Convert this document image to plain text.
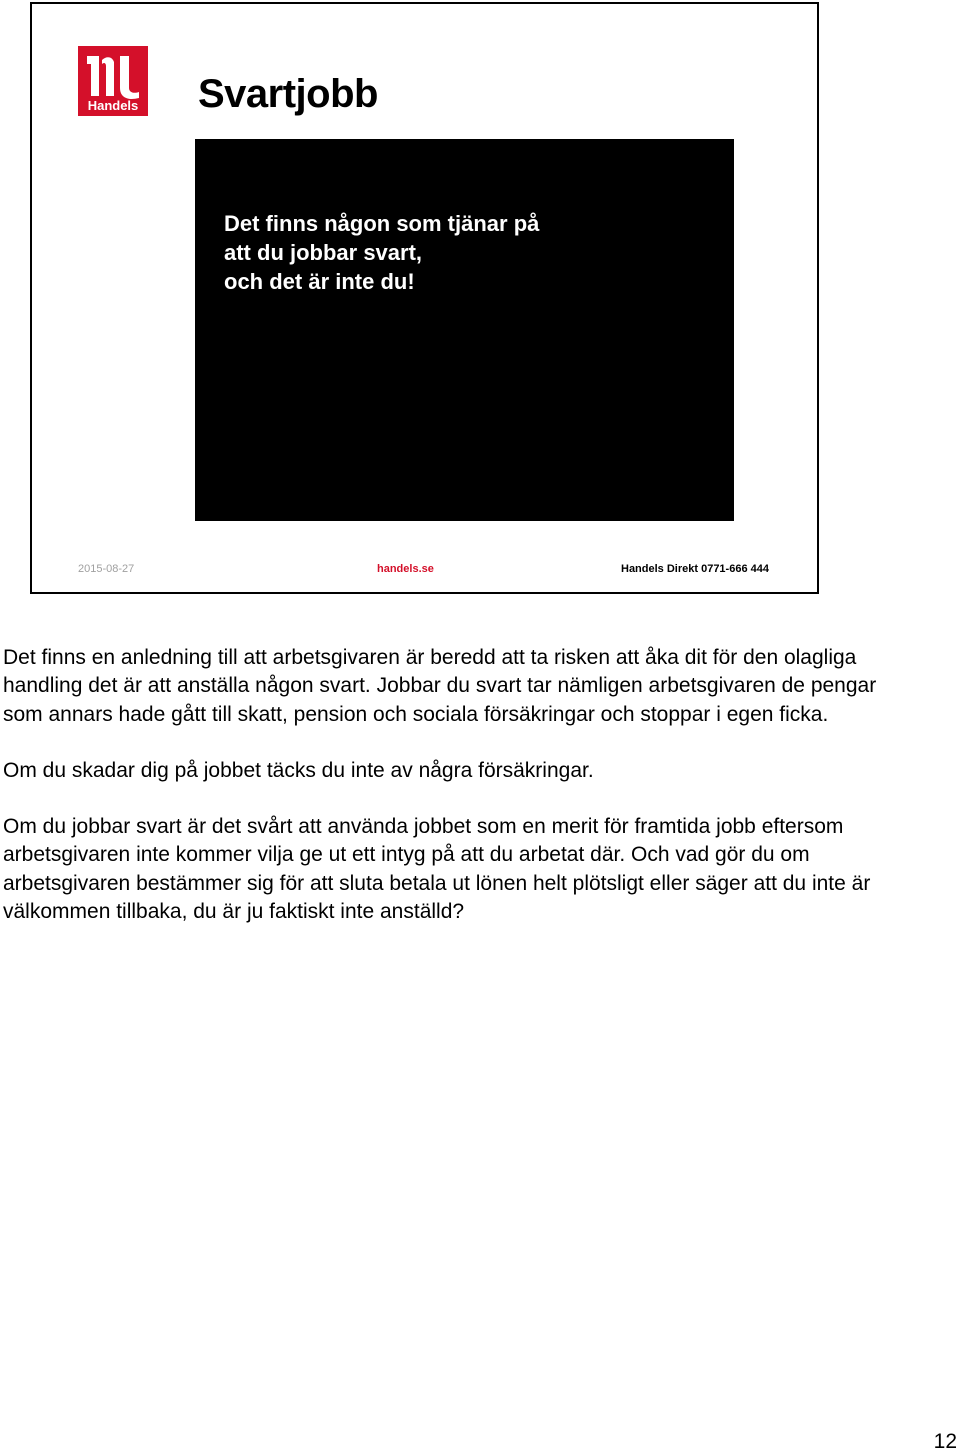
Handels Svartjobb

Det finns någon som tjänar på
att du jobbar svart,
och det är inte du!

2015-08-27	handels.se	Handels Direkt 0771-666 444

Det finns en anledning till att arbetsgivaren är beredd att ta risken att åka dit för den olagliga handling det är att anställa någon svart. Jobbar du svart tar nämligen arbetsgivaren de pengar som annars hade gått till skatt, pension och sociala försäkringar och stoppar i egen ficka.

Om du skadar dig på jobbet täcks du inte av några försäkringar.

Om du jobbar svart är det svårt att använda jobbet som en merit för framtida jobb eftersom arbetsgivaren inte kommer vilja ge ut ett intyg på att du arbetat där. Och vad gör du om arbetsgivaren bestämmer sig för att sluta betala ut lönen helt plötsligt eller säger att du inte är välkommen tillbaka, du är ju faktiskt inte anställd?

12
